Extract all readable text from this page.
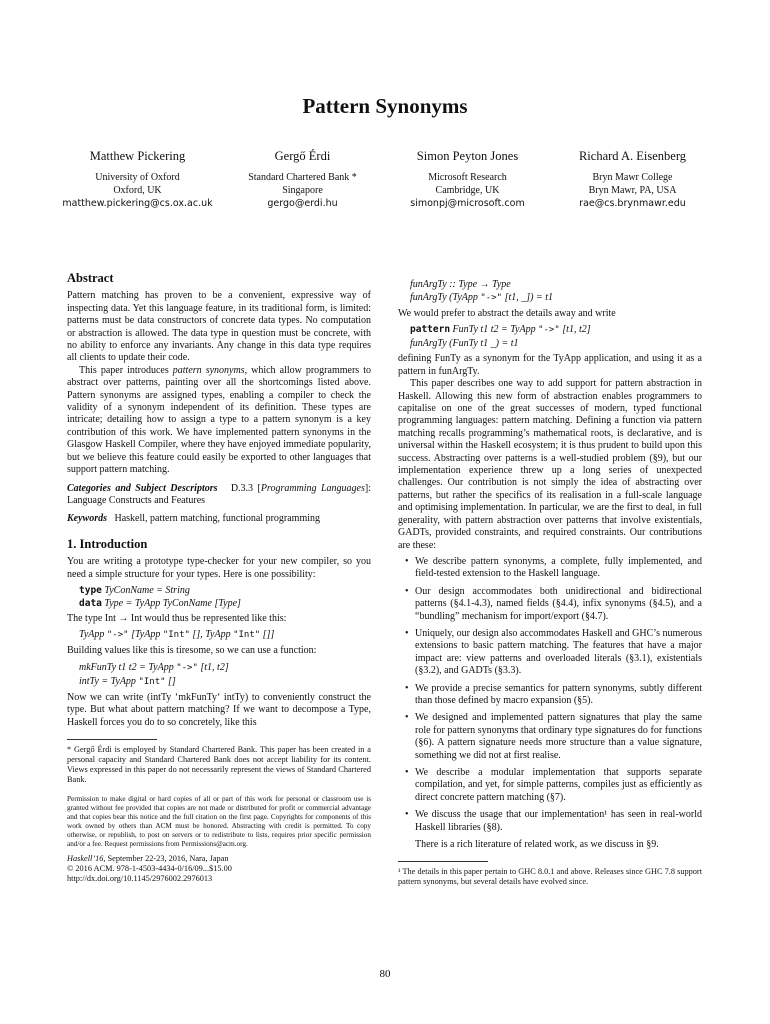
Pattern Synonyms
Matthew Pickering
University of Oxford
Oxford, UK
matthew.pickering@cs.ox.ac.uk
Gergő Érdi
Standard Chartered Bank *
Singapore
gergo@erdi.hu
Simon Peyton Jones
Microsoft Research
Cambridge, UK
simonpj@microsoft.com
Richard A. Eisenberg
Bryn Mawr College
Bryn Mawr, PA, USA
rae@cs.brynmawr.edu
Abstract

Pattern matching has proven to be a convenient, expressive way of inspecting data. Yet this language feature, in its traditional form, is limited: patterns must be data constructors of concrete data types. No computation or abstraction is allowed. The data type in question must be concrete, with no ability to enforce any invariants. Any change in this data type requires all clients to update their code.

This paper introduces pattern synonyms, which allow programmers to abstract over patterns, painting over all the shortcomings listed above. Pattern synonyms are assigned types, enabling a compiler to check the validity of a synonym independent of its definition. These types are intricate; detailing how to assign a type to a pattern synonym is a key contribution of this work. We have implemented pattern synonyms in the Glasgow Haskell Compiler, where they have enjoyed immediate popularity, but we believe this feature could easily be exported to other languages that support pattern matching.

Categories and Subject Descriptors D.3.3 [Programming Languages]: Language Constructs and Features

Keywords Haskell, pattern matching, functional programming

1. Introduction

You are writing a prototype type-checker for your new compiler, so you need a simple structure for your types. Here is one possibility:

type TyConName = String
data Type = TyApp TyConName [Type]

The type Int → Int would thus be represented like this:

TyApp "->" [TyApp "Int" [], TyApp "Int" []]

Building values like this is tiresome, so we can use a function:

mkFunTy t1 t2 = TyApp "->" [t1, t2]
intTy = TyApp "Int" []

Now we can write (intTy ‘mkFunTy‘ intTy) to conveniently construct the type. But what about pattern matching? If we want to decompose a Type, Haskell forces you do to so concretely, like this

* Gergő Érdi is employed by Standard Chartered Bank. This paper has been created in a personal capacity and Standard Chartered Bank does not accept liability for its content. Views expressed in this paper do not necessarily represent the views of Standard Chartered Bank.

Permission to make digital or hard copies of all or part of this work for personal or classroom use is granted without fee provided that copies are not made or distributed for profit or commercial advantage and that copies bear this notice and the full citation on the first page. Copyrights for components of this work owned by others than ACM must be honored. Abstracting with credit is permitted. To copy otherwise, or republish, to post on servers or to redistribute to lists, requires prior specific permission and/or a fee. Request permissions from Permissions@acm.org.

Haskell’16, September 22-23, 2016, Nara, Japan

© 2016 ACM. 978-1-4503-4434-0/16/09...$15.00

http://dx.doi.org/10.1145/2976002.2976013

funArgTy :: Type → Type
funArgTy (TyApp "->" [t1, _]) = t1

We would prefer to abstract the details away and write

pattern FunTy t1 t2 = TyApp "->" [t1, t2]
funArgTy (FunTy t1 _) = t1

defining FunTy as a synonym for the TyApp application, and using it as a pattern in funArgTy.

This paper describes one way to add support for pattern abstraction in Haskell. Allowing this new form of abstraction enables programmers to capitalise on one of the great successes of modern, typed functional programming languages: pattern matching. Defining a function via pattern matching recalls programming’s mathematical roots, is declarative, and is universal within the Haskell ecosystem; it is thus prudent to build upon this success. Abstracting over patterns is a well-studied problem (§9), but our implementation experience threw up a long series of unexpected challenges. Our contribution is not simply the idea of abstracting over patterns, but rather the specifics of its realisation in a full-scale language and optimising implementation. In particular, we are the first to deal, in full generality, with pattern abstraction over patterns that involve existentials, GADTs, provided constraints, and required constraints. Our contributions are these:

• We describe pattern synonyms, a complete, fully implemented, and field-tested extension to the Haskell language.
• Our design accommodates both unidirectional and bidirectional patterns (§4.1-4.3), named fields (§4.4), infix synonyms (§4.5), and a “bundling” mechanism for import/export (§4.7).
• Uniquely, our design also accommodates Haskell and GHC’s numerous extensions to basic pattern matching. The features that have a major impact are: view patterns and overloaded literals (§3.1), existentials (§3.2), and GADTs (§3.3).
• We provide a precise semantics for pattern synonyms, subtly different than those defined by macro expansion (§5).
• We designed and implemented pattern signatures that play the same role for pattern synonyms that ordinary type signatures do for functions (§6). A pattern signature needs more structure than a value signature, something we did not at first realise.
• We describe a modular implementation that supports separate compilation, and yet, for simple patterns, compiles just as efficiently as direct concrete pattern matching (§7).
• We discuss the usage that our implementation¹ has seen in real-world Haskell libraries (§8).

There is a rich literature of related work, as we discuss in §9.

¹ The details in this paper pertain to GHC 8.0.1 and above. Releases since GHC 7.8 support pattern synonyms, but several details have evolved since.

80
